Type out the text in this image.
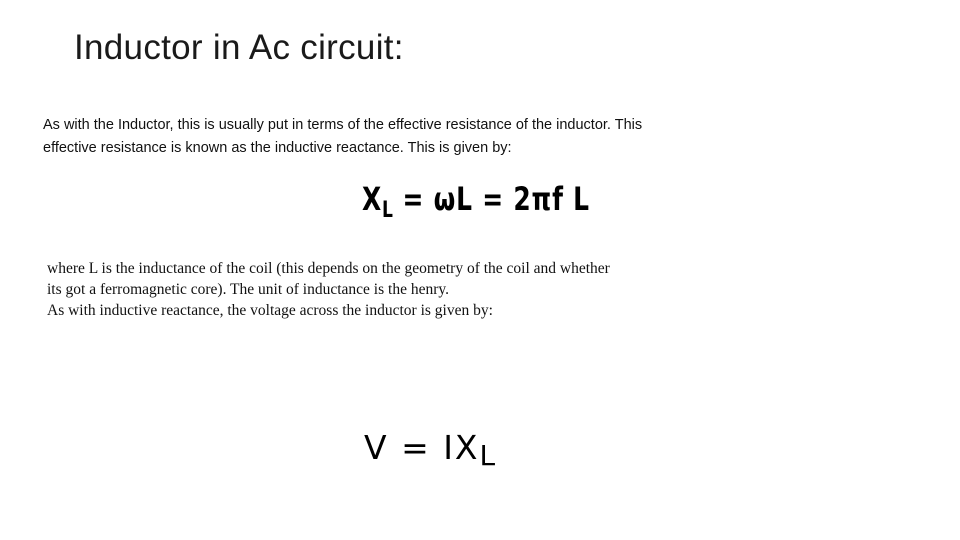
Inductor in Ac circuit:
As with the Inductor, this is usually put in terms of the effective resistance of the inductor. This
effective resistance is known as the inductive reactance. This is given by:
XL = ωL = 2πf L
where L is the inductance of the coil (this depends on the geometry of the coil and whether
its got a ferromagnetic core). The unit of inductance is the henry.
As with inductive reactance, the voltage across the inductor is given by:
V = IXL
